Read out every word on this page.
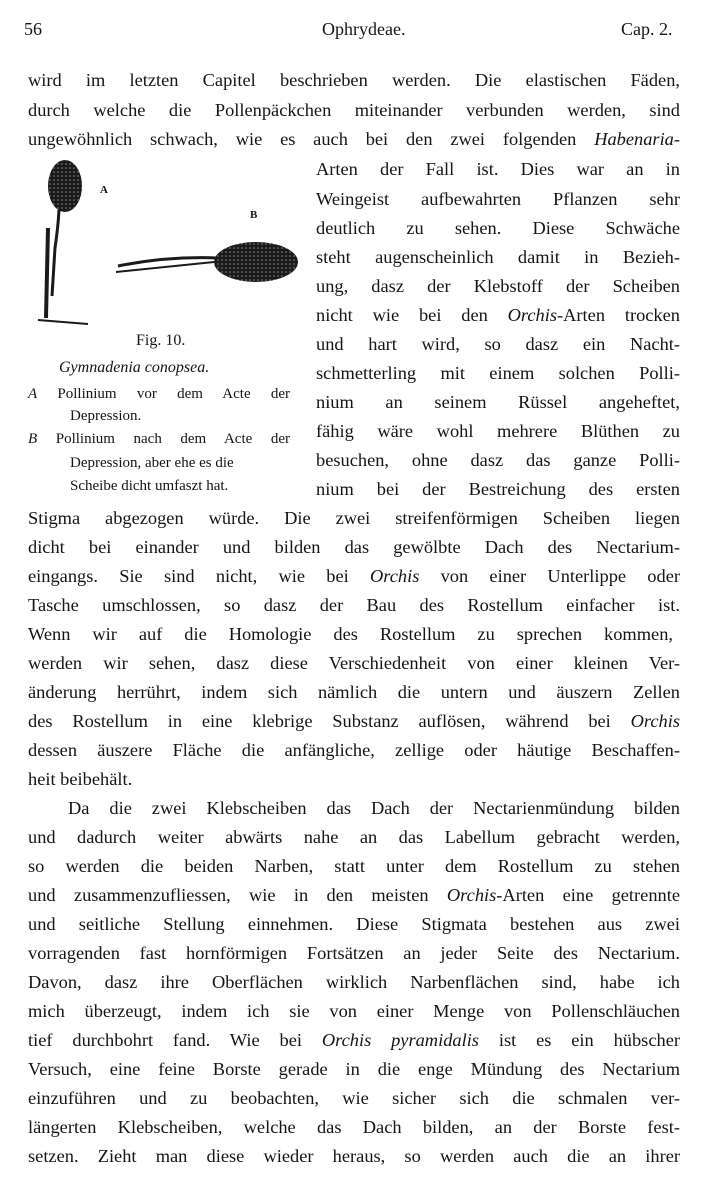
56	Ophrydeae.	Cap. 2.
wird im letzten Capitel beschrieben werden. Die elastischen Fäden,
durch welche die Pollenpäckchen miteinander verbunden werden, sind
ungewöhnlich schwach, wie es auch bei den zwei folgenden Habenaria-
A
B
Fig. 10.
Gymnadenia conopsea.
A Pollinium vor dem Acte der
Depression.
B Pollinium nach dem Acte der
Depression, aber ehe es die
Scheibe dicht umfaszt hat.
Arten der Fall ist. Dies war an in
Weingeist aufbewahrten Pflanzen sehr
deutlich zu sehen. Diese Schwäche
steht augenscheinlich damit in Bezieh-
ung, dasz der Klebstoff der Scheiben
nicht wie bei den Orchis-Arten trocken
und hart wird, so dasz ein Nacht-
schmetterling mit einem solchen Polli-
nium an seinem Rüssel angeheftet,
fähig wäre wohl mehrere Blüthen zu
besuchen, ohne dasz das ganze Polli-
nium bei der Bestreichung des ersten
Stigma abgezogen würde. Die zwei streifenförmigen Scheiben liegen
dicht bei einander und bilden das gewölbte Dach des Nectarium-
eingangs. Sie sind nicht, wie bei Orchis von einer Unterlippe oder
Tasche umschlossen, so dasz der Bau des Rostellum einfacher ist.
Wenn wir auf die Homologie des Rostellum zu sprechen kommen,
werden wir sehen, dasz diese Verschiedenheit von einer kleinen Ver-
änderung herrührt, indem sich nämlich die untern und äuszern Zellen
des Rostellum in eine klebrige Substanz auflösen, während bei Orchis
dessen äuszere Fläche die anfängliche, zellige oder häutige Beschaffen-
heit beibehält.
Da die zwei Klebscheiben das Dach der Nectarienmündung bilden
und dadurch weiter abwärts nahe an das Labellum gebracht werden,
so werden die beiden Narben, statt unter dem Rostellum zu stehen
und zusammenzufliessen, wie in den meisten Orchis-Arten eine getrennte
und seitliche Stellung einnehmen. Diese Stigmata bestehen aus zwei
vorragenden fast hornförmigen Fortsätzen an jeder Seite des Nectarium.
Davon, dasz ihre Oberflächen wirklich Narbenflächen sind, habe ich
mich überzeugt, indem ich sie von einer Menge von Pollenschläuchen
tief durchbohrt fand. Wie bei Orchis pyramidalis ist es ein hübscher
Versuch, eine feine Borste gerade in die enge Mündung des Nectarium
einzuführen und zu beobachten, wie sicher sich die schmalen ver-
längerten Klebscheiben, welche das Dach bilden, an der Borste fest-
setzen. Zieht man diese wieder heraus, so werden auch die an ihrer
